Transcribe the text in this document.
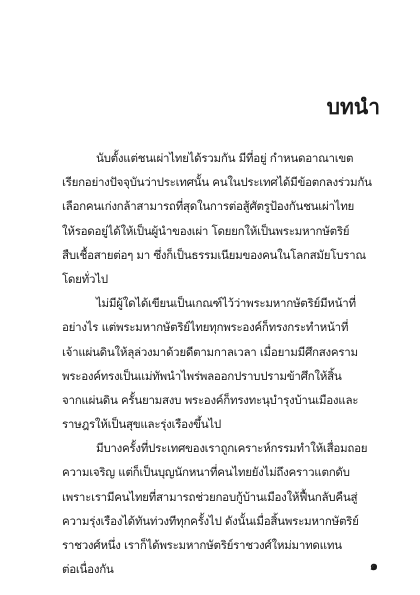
บทนำ
นับตั้งแต่ชนเผ่าไทยได้รวมกัน มีที่อยู่ กำหนดอาณาเขต
เรียกอย่างปัจจุบันว่าประเทศนั้น คนในประเทศได้มีข้อตกลงร่วมกัน
เลือกคนเก่งกล้าสามารถที่สุดในการต่อสู้ศัตรูป้องกันชนเผ่าไทย
ให้รอดอยู่ได้ให้เป็นผู้นำของเผ่า โดยยกให้เป็นพระมหากษัตริย์
สืบเชื้อสายต่อๆ มา ซึ่งก็เป็นธรรมเนียมของคนในโลกสมัยโบราณ
โดยทั่วไป
ไม่มีผู้ใดได้เขียนเป็นเกณฑ์ไว้ว่าพระมหากษัตริย์มีหน้าที่
อย่างไร แต่พระมหากษัตริย์ไทยทุกพระองค์ก็ทรงกระทำหน้าที่
เจ้าแผ่นดินให้ลุล่วงมาด้วยดีตามกาลเวลา เมื่อยามมีศึกสงคราม
พระองค์ทรงเป็นแม่ทัพนำไพร่พลออกปราบปรามข้าศึกให้สิ้น
จากแผ่นดิน ครั้นยามสงบ พระองค์ก็ทรงทะนุบำรุงบ้านเมืองและ
ราษฎรให้เป็นสุขและรุ่งเรืองขึ้นไป
มีบางครั้งที่ประเทศของเราถูกเคราะห์กรรมทำให้เสื่อมถอย
ความเจริญ แต่ก็เป็นบุญนักหนาที่คนไทยยังไม่ถึงคราวแตกดับ
เพราะเรามีคนไทยที่สามารถช่วยกอบกู้บ้านเมืองให้ฟื้นกลับคืนสู่
ความรุ่งเรืองได้ทันท่วงทีทุกครั้งไป ดังนั้นเมื่อสิ้นพระมหากษัตริย์
ราชวงศ์หนึ่ง เราก็ได้พระมหากษัตริย์ราชวงศ์ใหม่มาทดแทน
ต่อเนื่องกัน	๑
